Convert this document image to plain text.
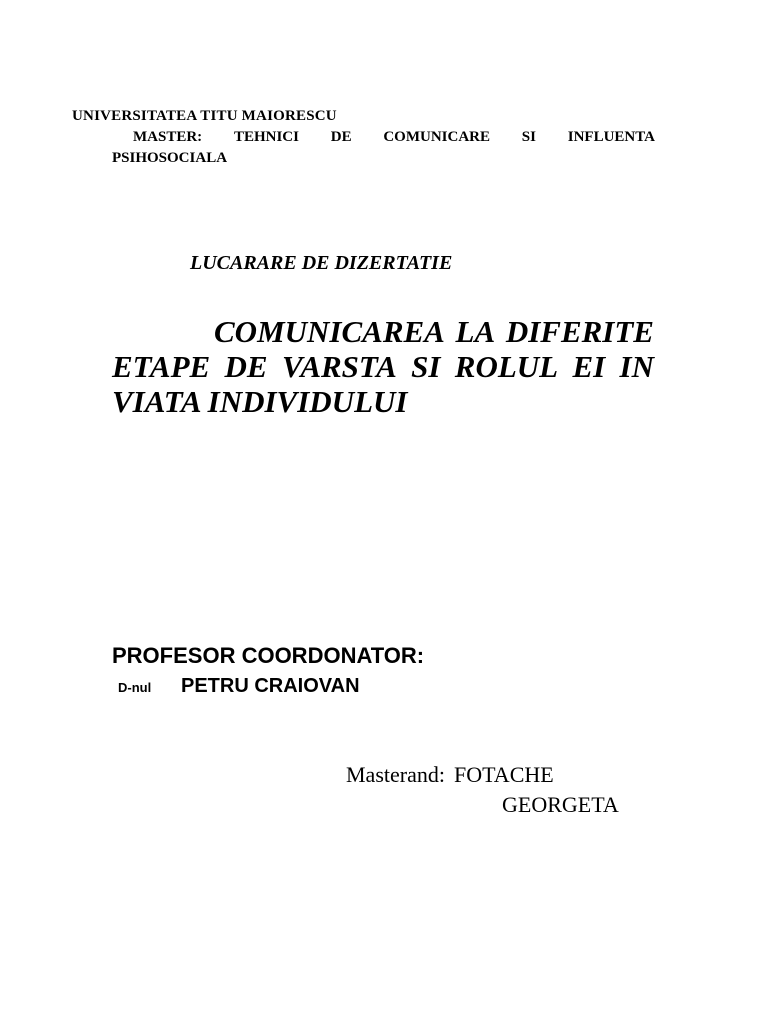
UNIVERSITATEA TITU MAIORESCU
MASTER: TEHNICI DE COMUNICARE SI INFLUENTA
PSIHOSOCIALA
LUCARARE DE DIZERTATIE
COMUNICAREA LA DIFERITE
ETAPE DE VARSTA SI ROLUL EI IN
VIATA INDIVIDULUI
PROFESOR COORDONATOR:
D-nul PETRU CRAIOVAN
Masterand: FOTACHE
GEORGETA
